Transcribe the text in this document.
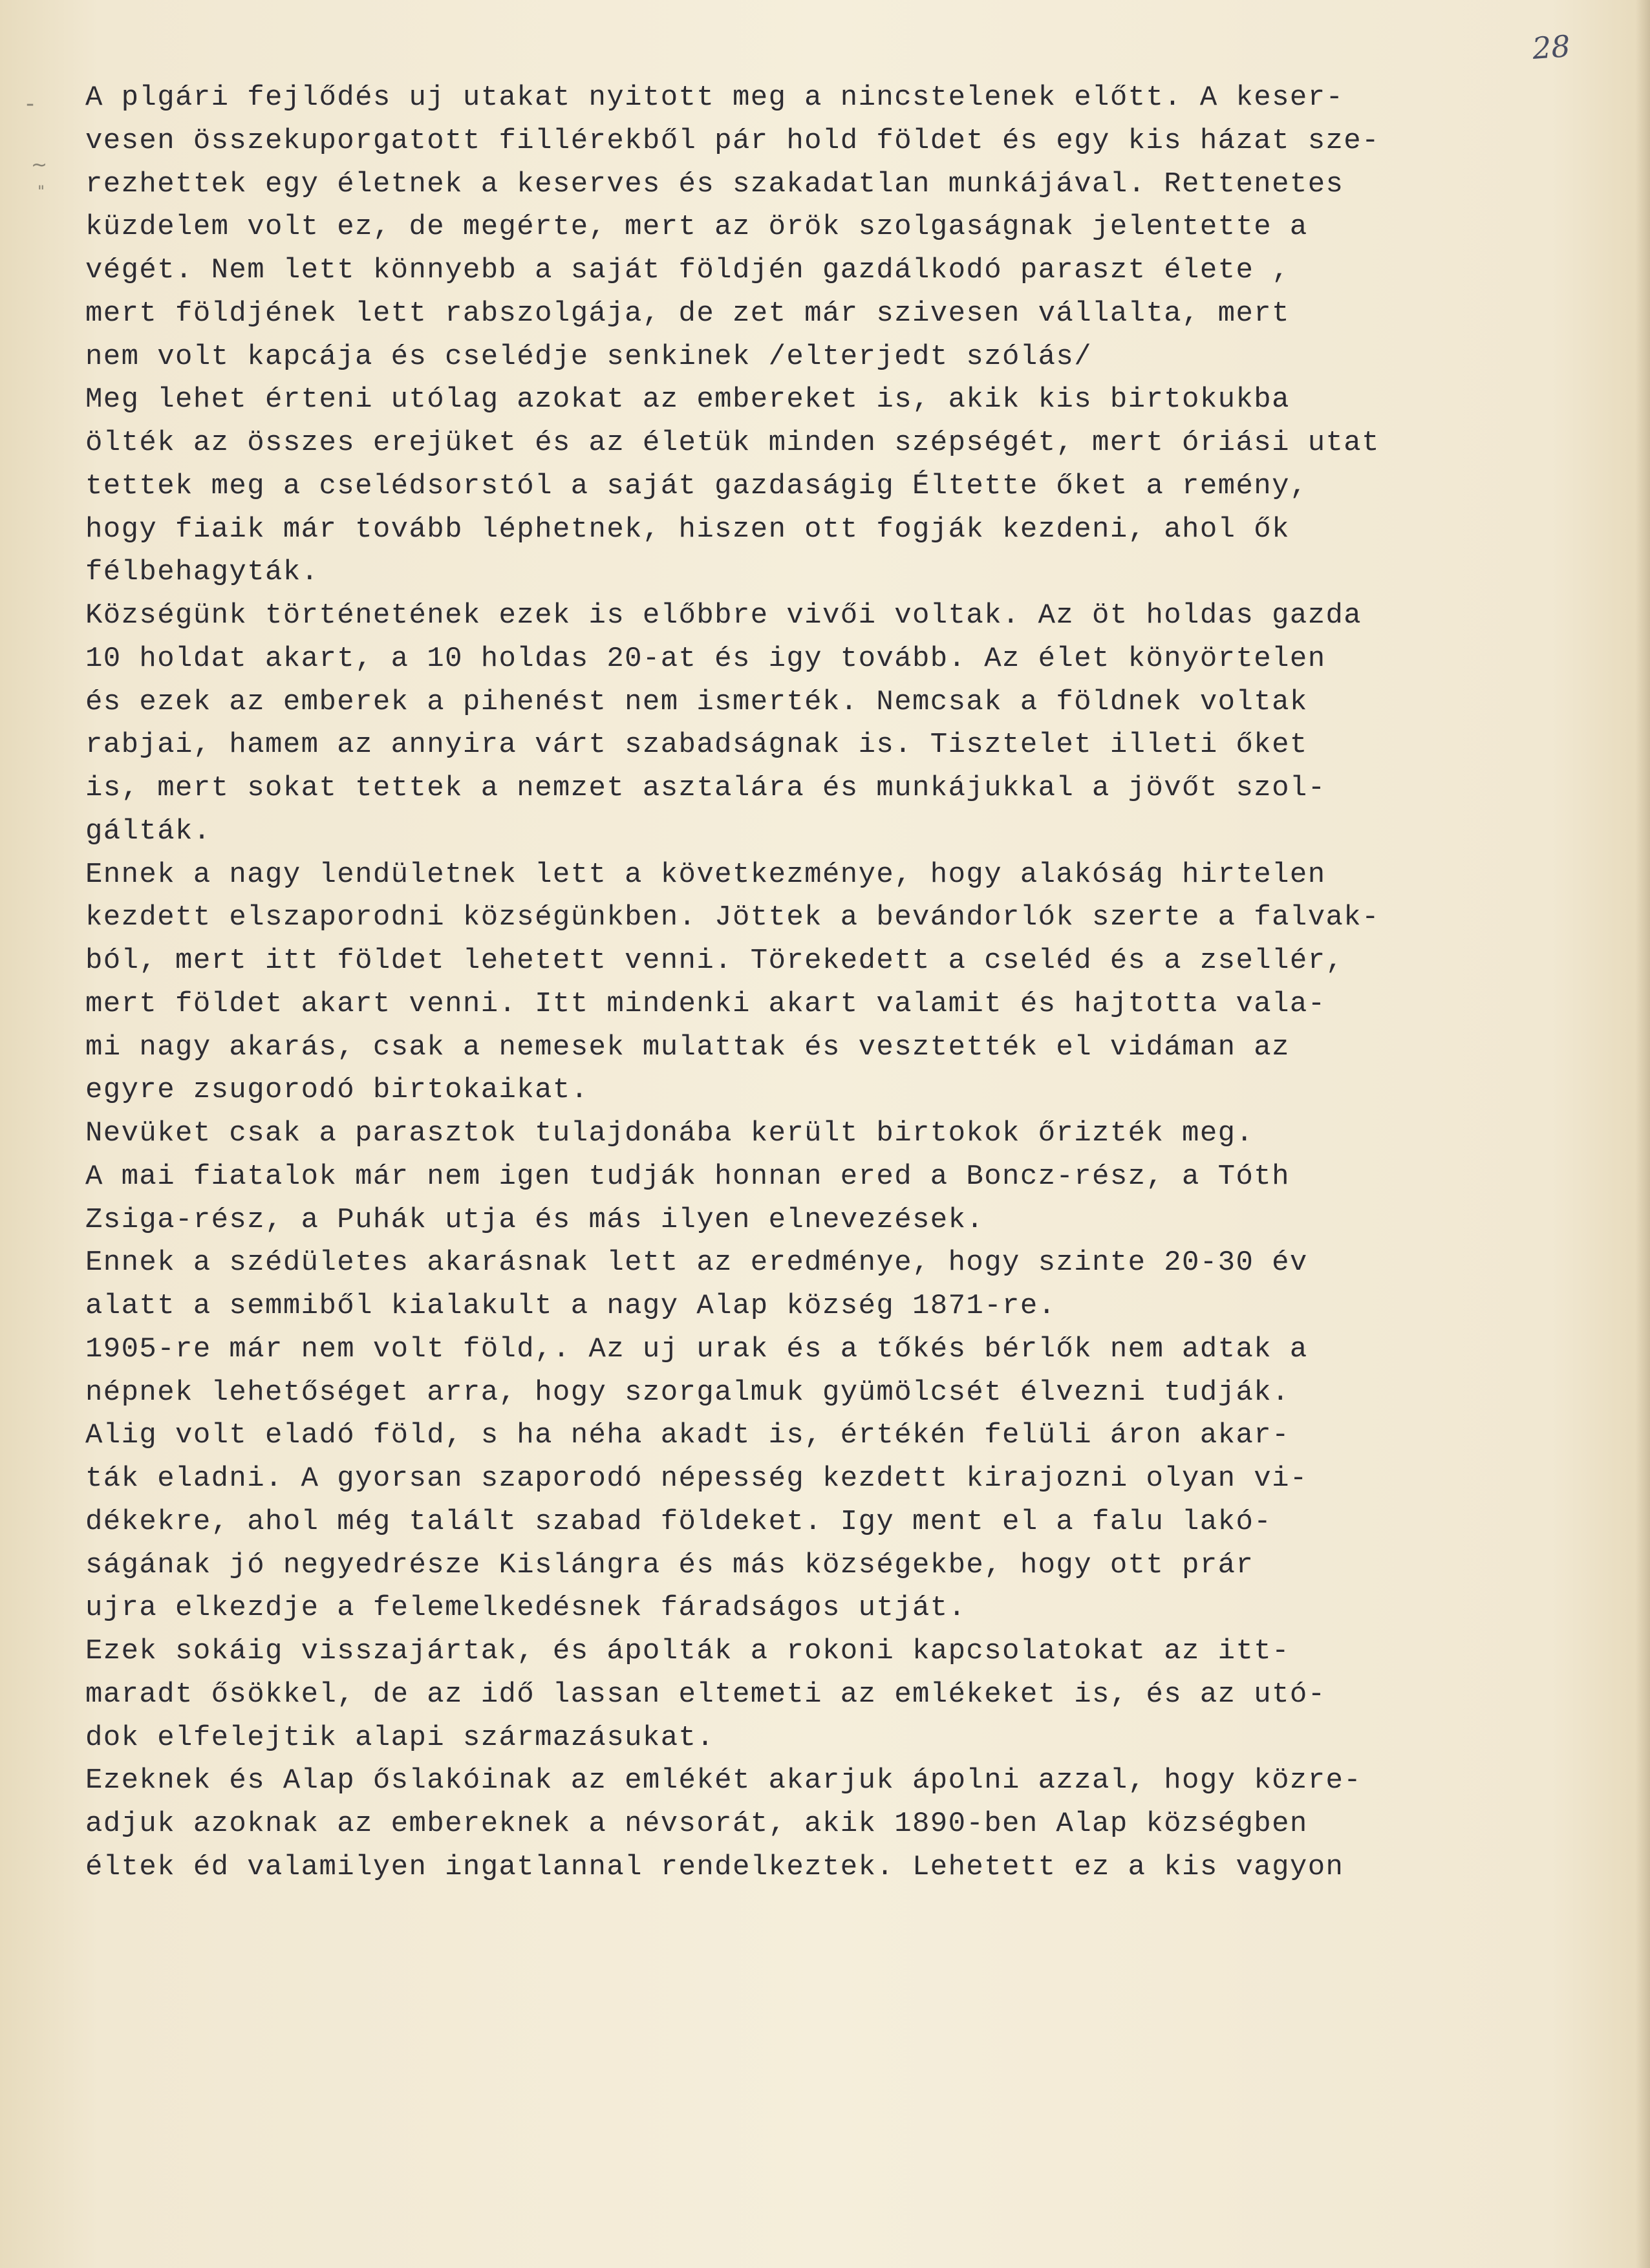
28
-
~
"
A plgári fejlődés uj utakat nyitott meg a nincstelenek előtt. A keser-
vesen összekuporgatott fillérekből pár hold földet és egy kis házat sze-
rezhettek egy életnek a keserves és szakadatlan munkájával. Rettenetes
küzdelem volt ez, de megérte, mert az örök szolgaságnak jelentette a
végét. Nem lett könnyebb a saját földjén gazdálkodó paraszt élete ,
mert földjének lett rabszolgája, de zet már szivesen vállalta, mert
nem volt kapcája és cselédje senkinek /elterjedt szólás/
Meg lehet érteni utólag azokat az embereket is, akik kis birtokukba
ölték az összes erejüket és az életük minden szépségét, mert óriási utat
tettek meg a cselédsorstól a saját gazdaságig Éltette őket a remény,
hogy fiaik már tovább léphetnek, hiszen ott fogják kezdeni, ahol ők
félbehagyták.
Községünk történetének ezek is előbbre vivői voltak. Az öt holdas gazda
10 holdat akart, a 10 holdas 20-at és igy tovább. Az élet könyörtelen
és ezek az emberek a pihenést nem ismerték. Nemcsak a földnek voltak
rabjai, hamem az annyira várt szabadságnak is. Tisztelet illeti őket
is, mert sokat tettek a nemzet asztalára és munkájukkal a jövőt szol-
gálták.
Ennek a nagy lendületnek lett a következménye, hogy alakóság hirtelen
kezdett elszaporodni községünkben. Jöttek a bevándorlók szerte a falvak-
ból, mert itt földet lehetett venni. Törekedett a cseléd és a zsellér,
mert földet akart venni. Itt mindenki akart valamit és hajtotta vala-
mi nagy akarás, csak a nemesek mulattak és vesztették el vidáman az
egyre zsugorodó birtokaikat.
Nevüket csak a parasztok tulajdonába került birtokok őrizték meg.
A mai fiatalok már nem igen tudják honnan ered a Boncz-rész, a Tóth
Zsiga-rész, a Puhák utja és más ilyen elnevezések.
Ennek a szédületes akarásnak lett az eredménye, hogy szinte 20-30 év
alatt a semmiből kialakult a nagy Alap község 1871-re.
1905-re már nem volt föld,. Az uj urak és a tőkés bérlők nem adtak a
népnek lehetőséget arra, hogy szorgalmuk gyümölcsét élvezni tudják.
Alig volt eladó föld, s ha néha akadt is, értékén felüli áron akar-
ták eladni. A gyorsan szaporodó népesség kezdett kirajozni olyan vi-
dékekre, ahol még talált szabad földeket. Igy ment el a falu lakó-
ságának jó negyedrésze Kislángra és más községekbe, hogy ott prár
ujra elkezdje a felemelkedésnek fáradságos utját.
Ezek sokáig visszajártak, és ápolták a rokoni kapcsolatokat az itt-
maradt ősökkel, de az idő lassan eltemeti az emlékeket is, és az utó-
dok elfelejtik alapi származásukat.
Ezeknek és Alap őslakóinak az emlékét akarjuk ápolni azzal, hogy közre-
adjuk azoknak az embereknek a névsorát, akik 1890-ben Alap községben
éltek éd valamilyen ingatlannal rendelkeztek. Lehetett ez a kis vagyon
